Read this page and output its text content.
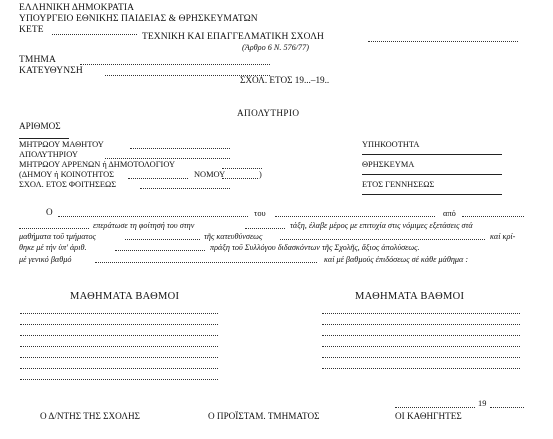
ΕΛΛΗΝΙΚΗ ΔΗΜΟΚΡΑΤΙΑ
ΥΠΟΥΡΓΕΙΟ ΕΘΝΙΚΗΣ ΠΑΙΔΕΙΑΣ & ΘΡΗΣΚΕΥΜΑΤΩΝ
ΚΕΤΕ
ΤΕΧΝΙΚΗ ΚΑΙ ΕΠΑΓΓΕΛΜΑΤΙΚΗ ΣΧΟΛΗ
(Άρθρο 6 Ν. 576/77)
ΤΜΗΜΑ
ΚΑΤΕΥΘΥΝΣΗ
ΣΧΟΛ. ΕΤΟΣ 19...–19..
ΑΠΟΛΥΤΗΡΙΟ
ΑΡΙΘΜΟΣ
ΜΗΤΡΩΟΥ ΜΑΘΗΤΟΥ
ΑΠΟΛΥΤΗΡΙΟΥ
ΜΗΤΡΩΟΥ ΑΡΡΕΝΩΝ ή ΔΗΜΟΤΟΛΟΓΙΟΥ
(ΔΗΜΟΥ ή ΚΟΙΝΟΤΗΤΟΣ	ΝΟΜΟΥ	)
ΣΧΟΛ. ΕΤΟΣ ΦΟΙΤΗΣΕΩΣ
ΥΠΗΚΟΟΤΗΤΑ
ΘΡΗΣΚΕΥΜΑ
ΕΤΟΣ ΓΕΝΝΗΣΕΩΣ
Ο	του	από
επεράτωσε τη φοίτησή του στην	τάξη, έλαβε μέρος με επιτυχία στις νόμιμες εξετάσεις στά
μαθήματα τοῦ τμήματος	τῆς κατευθύνσεως	καί κρί-
θηκε μέ τήν ὑπ' ἀριθ.	πράξη τοῦ Συλλόγου διδασκόντων τῆς Σχολῆς, ἄξιος ἀπολύσεως.
μέ γενικό βαθμό	καί μέ βαθμούς ἐπιδόσεως σέ κάθε μάθημα :
ΜΑΘΗΜΑΤΑ ΒΑΘΜΟΙ	ΜΑΘΗΜΑΤΑ ΒΑΘΜΟΙ
19
Ο Δ/ΝΤΗΣ ΤΗΣ ΣΧΟΛΗΣ	Ο ΠΡΟΪΣΤΑΜ. ΤΜΗΜΑΤΟΣ	ΟΙ ΚΑΘΗΓΗΤΕΣ
